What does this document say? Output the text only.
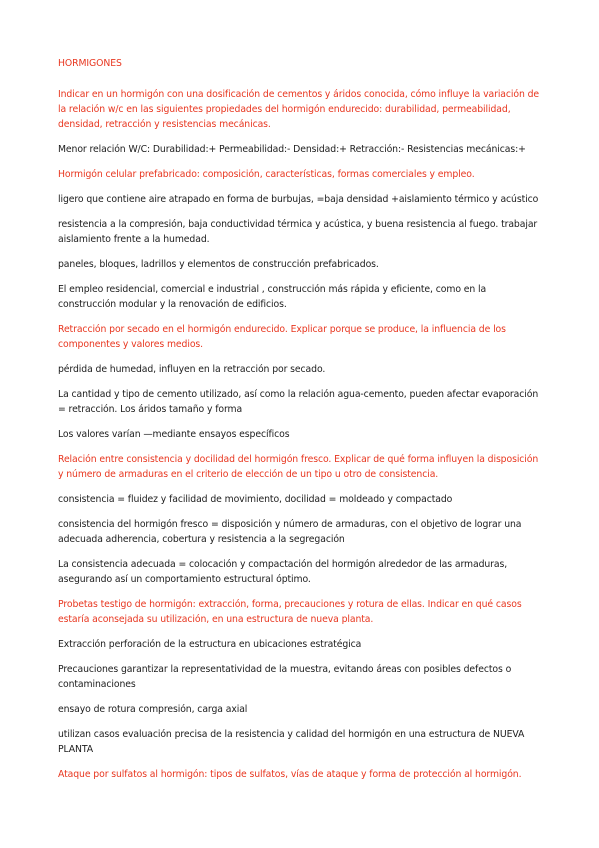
HORMIGONES

Indicar en un hormigón con una dosificación de cementos y áridos conocida, cómo influye la variación de la relación w/c en las siguientes propiedades del hormigón endurecido: durabilidad, permeabilidad, densidad, retracción y resistencias mecánicas.

Menor relación W/C: Durabilidad:+ Permeabilidad:- Densidad:+ Retracción:- Resistencias mecánicas:+

Hormigón celular prefabricado: composición, características, formas comerciales y empleo.

ligero que contiene aire atrapado en forma de burbujas, =baja densidad +aislamiento térmico y acústico

resistencia a la compresión, baja conductividad térmica y acústica, y buena resistencia al fuego. trabajar aislamiento frente a la humedad.

paneles, bloques, ladrillos y elementos de construcción prefabricados.

El empleo residencial, comercial e industrial , construcción más rápida y eficiente, como en la construcción modular y la renovación de edificios.

Retracción por secado en el hormigón endurecido. Explicar porque se produce, la influencia de los componentes y valores medios.

pérdida de humedad, influyen en la retracción por secado.

La cantidad y tipo de cemento utilizado, así como la relación agua-cemento, pueden afectar evaporación = retracción. Los áridos tamaño y forma

Los valores varían —mediante ensayos específicos

Relación entre consistencia y docilidad del hormigón fresco. Explicar de qué forma influyen la disposición y número de armaduras en el criterio de elección de un tipo u otro de consistencia.

consistencia = fluidez y facilidad de movimiento, docilidad = moldeado y compactado

consistencia del hormigón fresco = disposición y número de armaduras, con el objetivo de lograr una adecuada adherencia, cobertura y resistencia a la segregación

La consistencia adecuada = colocación y compactación del hormigón alrededor de las armaduras, asegurando así un comportamiento estructural óptimo.

Probetas testigo de hormigón: extracción, forma, precauciones y rotura de ellas. Indicar en qué casos estaría aconsejada su utilización, en una estructura de nueva planta.

Extracción perforación de la estructura en ubicaciones estratégica

Precauciones garantizar la representatividad de la muestra, evitando áreas con posibles defectos o contaminaciones

ensayo de rotura compresión, carga axial

utilizan casos evaluación precisa de la resistencia y calidad del hormigón en una estructura de NUEVA PLANTA

Ataque por sulfatos al hormigón: tipos de sulfatos, vías de ataque y forma de protección al hormigón.
